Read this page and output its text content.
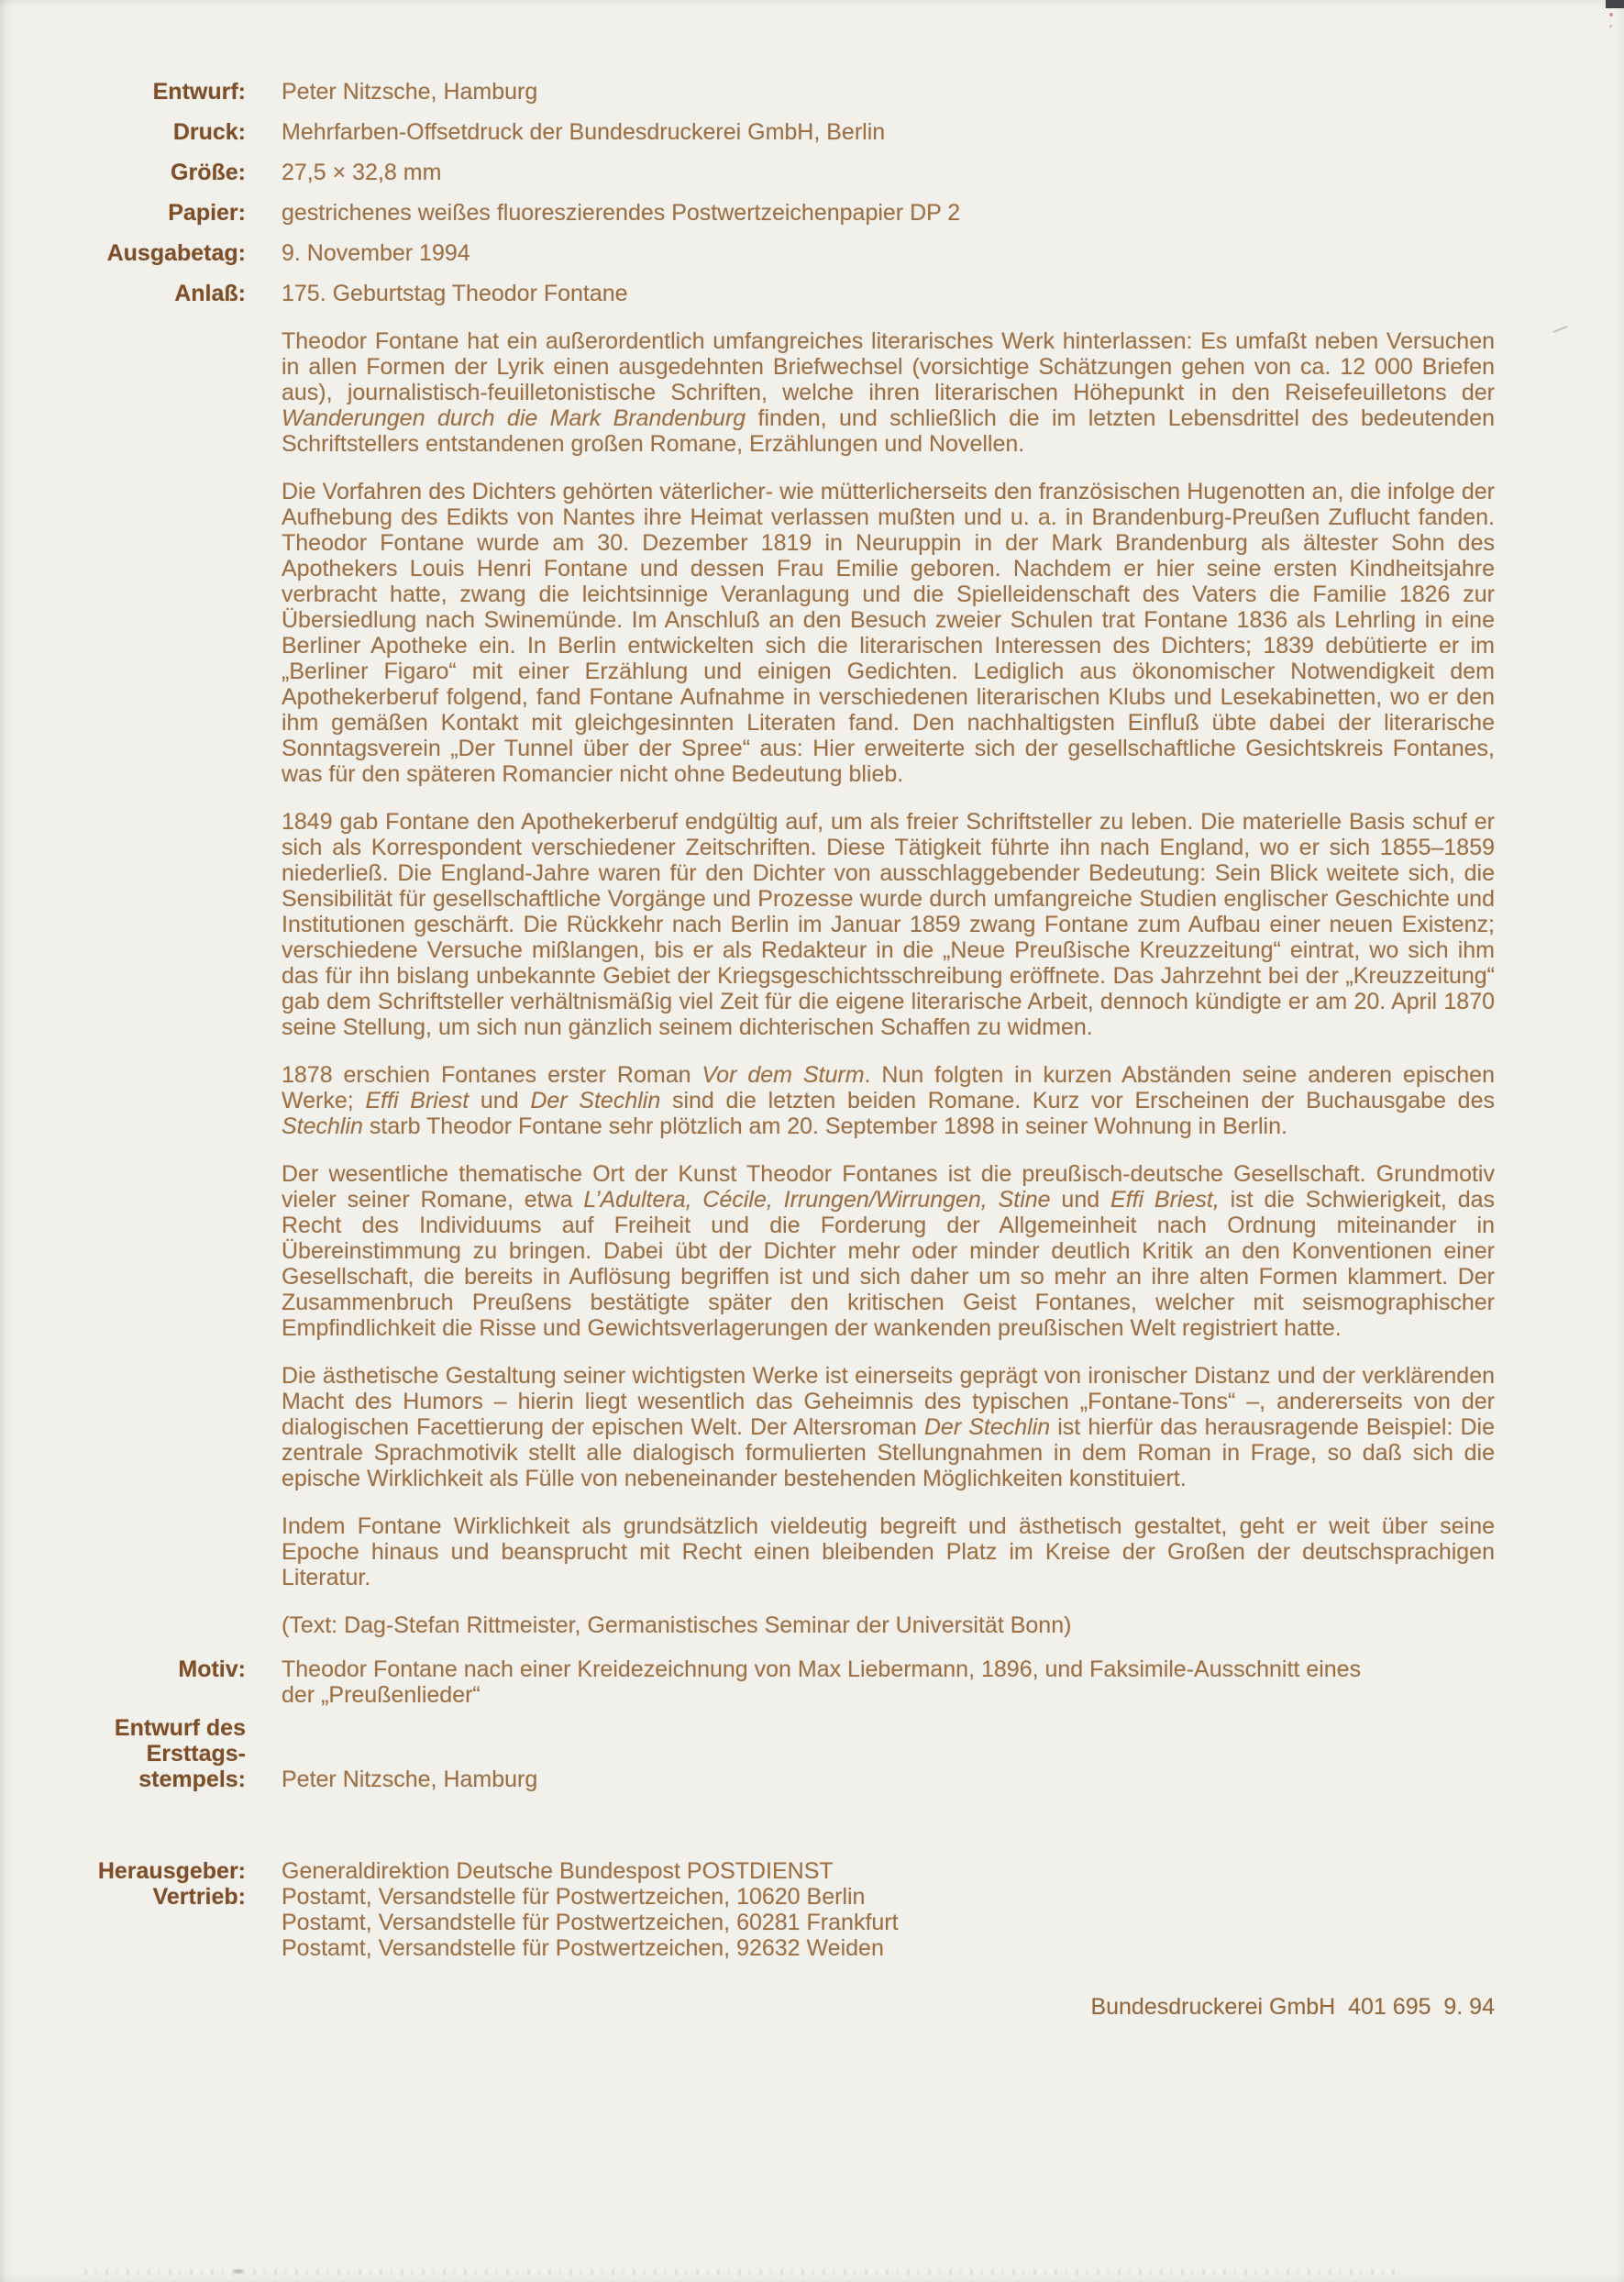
Entwurf: Peter Nitzsche, Hamburg
Druck: Mehrfarben-Offsetdruck der Bundesdruckerei GmbH, Berlin
Größe: 27,5 × 32,8 mm
Papier: gestrichenes weißes fluoreszierendes Postwertzeichenpapier DP 2
Ausgabetag: 9. November 1994
Anlaß: 175. Geburtstag Theodor Fontane

Theodor Fontane hat ein außerordentlich umfangreiches literarisches Werk hinterlassen: Es umfaßt neben Versuchen in allen Formen der Lyrik einen ausgedehnten Briefwechsel (vorsichtige Schätzungen gehen von ca. 12 000 Briefen aus), journalistisch-feuilletonistische Schriften, welche ihren literarischen Höhepunkt in den Reisefeuilletons der Wanderungen durch die Mark Brandenburg finden, und schließlich die im letzten Lebensdrittel des bedeutenden Schriftstellers entstandenen großen Romane, Erzählungen und Novellen.

Die Vorfahren des Dichters gehörten väterlicher- wie mütterlicherseits den französischen Hugenotten an, die infolge der Aufhebung des Edikts von Nantes ihre Heimat verlassen mußten und u. a. in Brandenburg-Preußen Zuflucht fanden. Theodor Fontane wurde am 30. Dezember 1819 in Neuruppin in der Mark Brandenburg als ältester Sohn des Apothekers Louis Henri Fontane und dessen Frau Emilie geboren. Nachdem er hier seine ersten Kindheitsjahre verbracht hatte, zwang die leichtsinnige Veranlagung und die Spielleidenschaft des Vaters die Familie 1826 zur Übersiedlung nach Swinemünde. Im Anschluß an den Besuch zweier Schulen trat Fontane 1836 als Lehrling in eine Berliner Apotheke ein. In Berlin entwickelten sich die literarischen Interessen des Dichters; 1839 debütierte er im „Berliner Figaro“ mit einer Erzählung und einigen Gedichten. Lediglich aus ökonomischer Notwendigkeit dem Apothekerberuf folgend, fand Fontane Aufnahme in verschiedenen literarischen Klubs und Lesekabinetten, wo er den ihm gemäßen Kontakt mit gleichgesinnten Literaten fand. Den nachhaltigsten Einfluß übte dabei der literarische Sonntagsverein „Der Tunnel über der Spree“ aus: Hier erweiterte sich der gesellschaftliche Gesichtskreis Fontanes, was für den späteren Romancier nicht ohne Bedeutung blieb.

1849 gab Fontane den Apothekerberuf endgültig auf, um als freier Schriftsteller zu leben. Die materielle Basis schuf er sich als Korrespondent verschiedener Zeitschriften. Diese Tätigkeit führte ihn nach England, wo er sich 1855–1859 niederließ. Die England-Jahre waren für den Dichter von ausschlaggebender Bedeutung: Sein Blick weitete sich, die Sensibilität für gesellschaftliche Vorgänge und Prozesse wurde durch umfangreiche Studien englischer Geschichte und Institutionen geschärft. Die Rückkehr nach Berlin im Januar 1859 zwang Fontane zum Aufbau einer neuen Existenz; verschiedene Versuche mißlangen, bis er als Redakteur in die „Neue Preußische Kreuzzeitung“ eintrat, wo sich ihm das für ihn bislang unbekannte Gebiet der Kriegsgeschichtsschreibung eröffnete. Das Jahrzehnt bei der „Kreuzzeitung“ gab dem Schriftsteller verhältnismäßig viel Zeit für die eigene literarische Arbeit, dennoch kündigte er am 20. April 1870 seine Stellung, um sich nun gänzlich seinem dichterischen Schaffen zu widmen.

1878 erschien Fontanes erster Roman Vor dem Sturm. Nun folgten in kurzen Abständen seine anderen epischen Werke; Effi Briest und Der Stechlin sind die letzten beiden Romane. Kurz vor Erscheinen der Buchausgabe des Stechlin starb Theodor Fontane sehr plötzlich am 20. September 1898 in seiner Wohnung in Berlin.

Der wesentliche thematische Ort der Kunst Theodor Fontanes ist die preußisch-deutsche Gesellschaft. Grundmotiv vieler seiner Romane, etwa L’Adultera, Cécile, Irrungen/Wirrungen, Stine und Effi Briest, ist die Schwierigkeit, das Recht des Individuums auf Freiheit und die Forderung der Allgemeinheit nach Ordnung miteinander in Übereinstimmung zu bringen. Dabei übt der Dichter mehr oder minder deutlich Kritik an den Konventionen einer Gesellschaft, die bereits in Auflösung begriffen ist und sich daher um so mehr an ihre alten Formen klammert. Der Zusammenbruch Preußens bestätigte später den kritischen Geist Fontanes, welcher mit seismographischer Empfindlichkeit die Risse und Gewichtsverlagerungen der wankenden preußischen Welt registriert hatte.

Die ästhetische Gestaltung seiner wichtigsten Werke ist einerseits geprägt von ironischer Distanz und der verklärenden Macht des Humors – hierin liegt wesentlich das Geheimnis des typischen „Fontane-Tons“ –, andererseits von der dialogischen Facettierung der epischen Welt. Der Altersroman Der Stechlin ist hierfür das herausragende Beispiel: Die zentrale Sprachmotivik stellt alle dialogisch formulierten Stellungnahmen in dem Roman in Frage, so daß sich die epische Wirklichkeit als Fülle von nebeneinander bestehenden Möglichkeiten konstituiert.

Indem Fontane Wirklichkeit als grundsätzlich vieldeutig begreift und ästhetisch gestaltet, geht er weit über seine Epoche hinaus und beansprucht mit Recht einen bleibenden Platz im Kreise der Großen der deutschsprachigen Literatur.

(Text: Dag-Stefan Rittmeister, Germanistisches Seminar der Universität Bonn)

Motiv: Theodor Fontane nach einer Kreidezeichnung von Max Liebermann, 1896, und Faksimile-Ausschnitt eines der „Preußenlieder“
Entwurf des
Ersttags-
stempels: Peter Nitzsche, Hamburg
Herausgeber: Generaldirektion Deutsche Bundespost POSTDIENST
Vertrieb: Postamt, Versandstelle für Postwertzeichen, 10620 Berlin
Postamt, Versandstelle für Postwertzeichen, 60281 Frankfurt
Postamt, Versandstelle für Postwertzeichen, 92632 Weiden
Bundesdruckerei GmbH  401 695  9. 94
